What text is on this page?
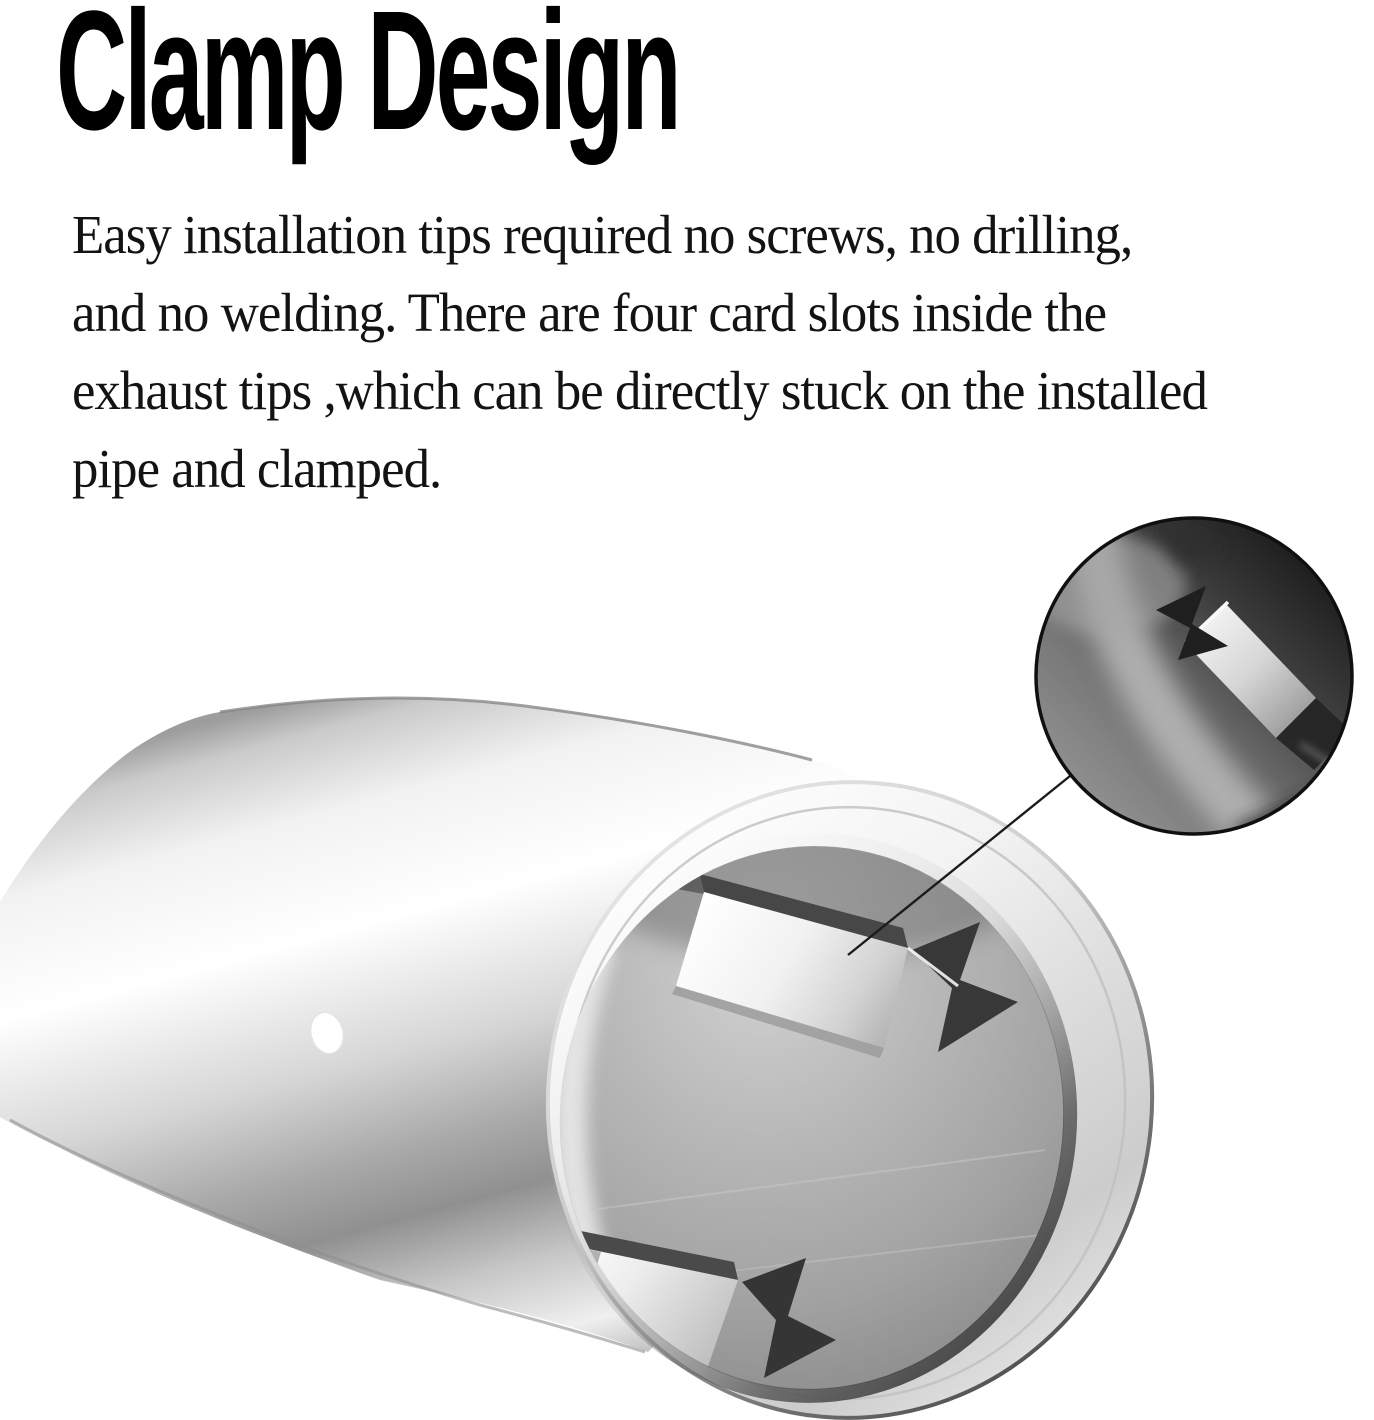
Clamp Design
Easy installation tips required no screws, no drilling,
and no welding. There are four card slots inside the
exhaust tips ,which can be directly stuck on the installed
pipe and clamped.
